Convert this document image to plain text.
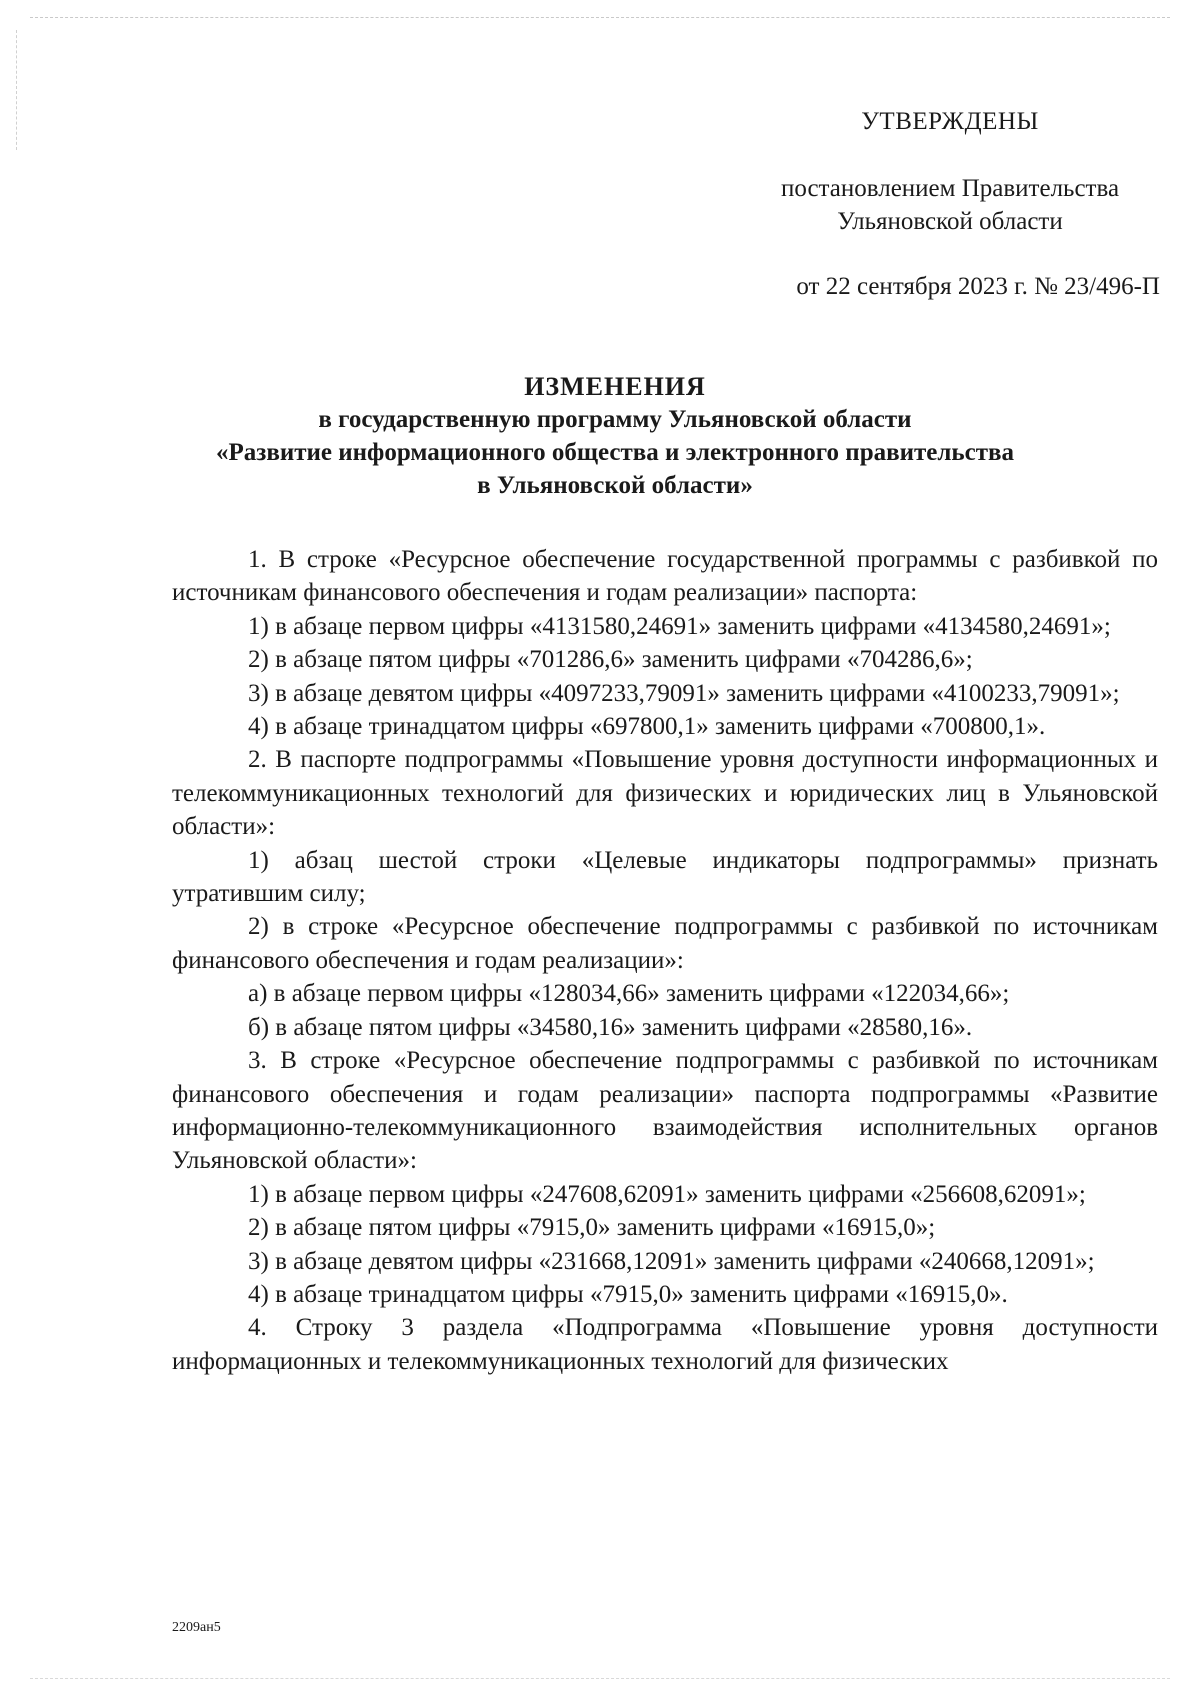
УТВЕРЖДЕНЫ
постановлением Правительства
Ульяновской области
от 22 сентября 2023 г. № 23/496-П
ИЗМЕНЕНИЯ
в государственную программу Ульяновской области
«Развитие информационного общества и электронного правительства
в Ульяновской области»

1. В строке «Ресурсное обеспечение государственной программы с разбивкой по источникам финансового обеспечения и годам реализации» паспорта:

1) в абзаце первом цифры «4131580,24691» заменить цифрами «4134580,24691»;

2) в абзаце пятом цифры «701286,6» заменить цифрами «704286,6»;

3) в абзаце девятом цифры «4097233,79091» заменить цифрами «4100233,79091»;

4) в абзаце тринадцатом цифры «697800,1» заменить цифрами «700800,1».

2. В паспорте подпрограммы «Повышение уровня доступности информационных и телекоммуникационных технологий для физических и юридических лиц в Ульяновской области»:

1) абзац шестой строки «Целевые индикаторы подпрограммы» признать утратившим силу;

2) в строке «Ресурсное обеспечение подпрограммы с разбивкой по источникам финансового обеспечения и годам реализации»:

а) в абзаце первом цифры «128034,66» заменить цифрами «122034,66»;

б) в абзаце пятом цифры «34580,16» заменить цифрами «28580,16».

3. В строке «Ресурсное обеспечение подпрограммы с разбивкой по источникам финансового обеспечения и годам реализации» паспорта подпрограммы «Развитие информационно-телекоммуникационного взаимодействия исполнительных органов Ульяновской области»:

1) в абзаце первом цифры «247608,62091» заменить цифрами «256608,62091»;

2) в абзаце пятом цифры «7915,0» заменить цифрами «16915,0»;

3) в абзаце девятом цифры «231668,12091» заменить цифрами «240668,12091»;

4) в абзаце тринадцатом цифры «7915,0» заменить цифрами «16915,0».

4. Строку 3 раздела «Подпрограмма «Повышение уровня доступности информационных и телекоммуникационных технологий для физических

2209ан5
